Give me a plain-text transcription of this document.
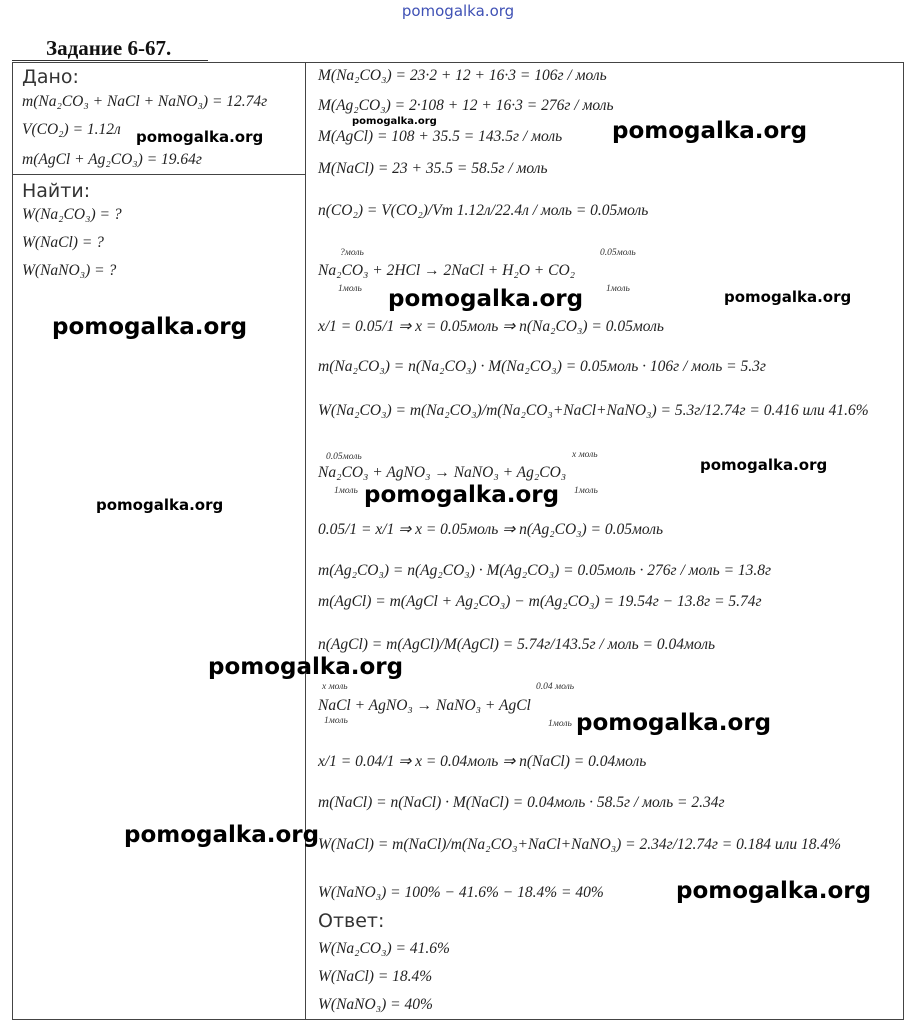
pomogalka.org
Задание 6-67.
Дано:
m(Na₂CO₃ + NaCl + NaNO₃) = 12.74г
V(CO₂) = 1.12л
m(AgCl + Ag₂CO₃) = 19.64г
Найти:
W(Na₂CO₃) = ?
W(NaCl) = ?
W(NaNO₃) = ?
M(Na₂CO₃) = 23·2 + 12 + 16·3 = 106г / моль
M(Ag₂CO₃) = 2·108 + 12 + 16·3 = 276г / моль
M(AgCl) = 108 + 35.5 = 143.5г / моль
M(NaCl) = 23 + 35.5 = 58.5г / моль
n(CO₂) = V(CO₂)/Vm 1.12л/22.4л / моль = 0.05моль
?моль	0.05моль
Na₂CO₃ + 2HCl → 2NaCl + H₂O + CO₂
1моль	1моль
x/1 = 0.05/1 ⇒ x = 0.05моль ⇒ n(Na₂CO₃) = 0.05моль
m(Na₂CO₃) = n(Na₂CO₃) · M(Na₂CO₃) = 0.05моль · 106г / моль = 5.3г
W(Na₂CO₃) = m(Na₂CO₃)/m(Na₂CO₃+NaCl+NaNO₃) = 5.3г/12.74г = 0.416 или 41.6%
0.05моль	x моль
Na₂CO₃ + AgNO₃ → NaNO₃ + Ag₂CO₃
1моль	1моль
0.05/1 = x/1 ⇒ x = 0.05моль ⇒ n(Ag₂CO₃) = 0.05моль
m(Ag₂CO₃) = n(Ag₂CO₃) · M(Ag₂CO₃) = 0.05моль · 276г / моль = 13.8г
m(AgCl) = m(AgCl + Ag₂CO₃) − m(Ag₂CO₃) = 19.54г − 13.8г = 5.74г
n(AgCl) = m(AgCl)/M(AgCl) = 5.74г/143.5г / моль = 0.04моль
x моль	0.04 моль
NaCl + AgNO₃ → NaNO₃ + AgCl
1моль	1моль
x/1 = 0.04/1 ⇒ x = 0.04моль ⇒ n(NaCl) = 0.04моль
m(NaCl) = n(NaCl) · M(NaCl) = 0.04моль · 58.5г / моль = 2.34г
W(NaCl) = m(NaCl)/m(Na₂CO₃+NaCl+NaNO₃) = 2.34г/12.74г = 0.184 или 18.4%
W(NaNO₃) = 100% − 41.6% − 18.4% = 40%
Ответ:
W(Na₂CO₃) = 41.6%
W(NaCl) = 18.4%
W(NaNO₃) = 40%
pomogalka.org
pomogalka.org	pomogalka.org
pomogalka.org	pomogalka.org
pomogalka.org
pomogalka.org
pomogalka.org
pomogalka.org
pomogalka.org
pomogalka.org
pomogalka.org
pomogalka.org
